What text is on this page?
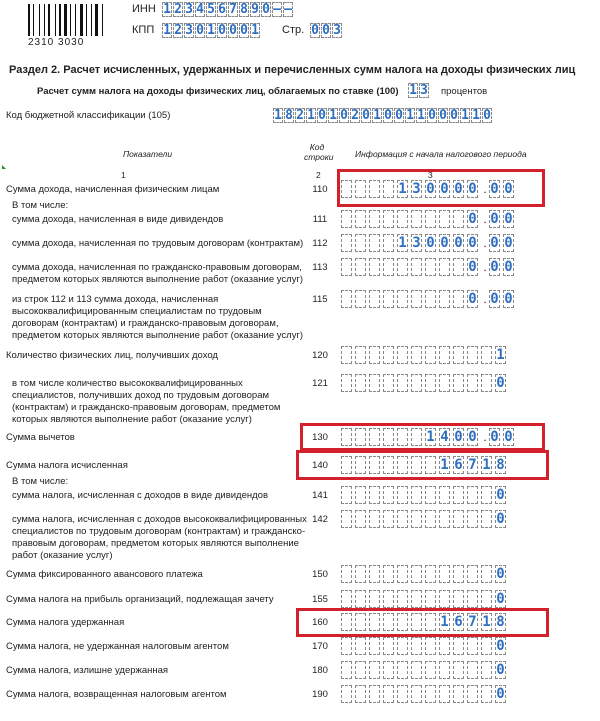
2310 3030
ИНН 1 2 3 4 5 6 7 8 9 0 – –
КПП 1 2 3 0 1 0 0 0 1 Стр. 0 0 3
Раздел 2. Расчет исчисленных, удержанных и перечисленных сумм налога на доходы физических лиц
Расчет сумм налога на доходы физических лиц, облагаемых по ставке (100) 1 3 процентов
Код бюджетной классификации (105)	1 8 2 1 0 1 0 2 0 1 0 0 1 1 0 0 0 1 1 0
Показатели
Код строки	Информация с начала налогового периода
1	2	3
Сумма дохода, начисленная физическим лицам	110	1 3 0 0 0 0 . 0 0
В том числе:
сумма дохода, начисленная в виде дивидендов	111	0 . 0 0
сумма дохода, начисленная по трудовым договорам (контрактам) 112	1 3 0 0 0 0 . 0 0
сумма дохода, начисленная по гражданско-правовым договорам,
предметом которых являются выполнение работ (оказание услуг)
113	0 . 0 0
из строк 112 и 113 сумма дохода, начисленная
высококвалифицированным специалистам по трудовым
договорам (контрактам) и гражданско-правовым договорам,
предметом которых являются выполнение работ (оказание услуг)
115	0 . 0 0
Количество физических лиц, получивших доход	120	1
в том числе количество высококвалифицированных
специалистов, получивших доход по трудовым договорам
(контрактам) и гражданско-правовым договорам, предметом
которых являются выполнение работ (оказание услуг)
121	0
Сумма вычетов	130	1 4 0 0 . 0 0
Сумма налога исчисленная	140	1 6 7 1 8
В том числе:
сумма налога, исчисленная с доходов в виде дивидендов	141	0
сумма налога, исчисленная с доходов высококвалифицированных
специалистов по трудовым договорам (контрактам) и гражданско-
правовым договорам, предметом которых являются выполнение
работ (оказание услуг)
142	0
Сумма фиксированного авансового платежа	150	0
Сумма налога на прибыль организаций, подлежащая зачету	155	0
Сумма налога удержанная	160	1 6 7 1 8
Сумма налога, не удержанная налоговым агентом	170	0
Сумма налога, излишне удержанная	180	0
Сумма налога, возвращенная налоговым агентом	190	0
